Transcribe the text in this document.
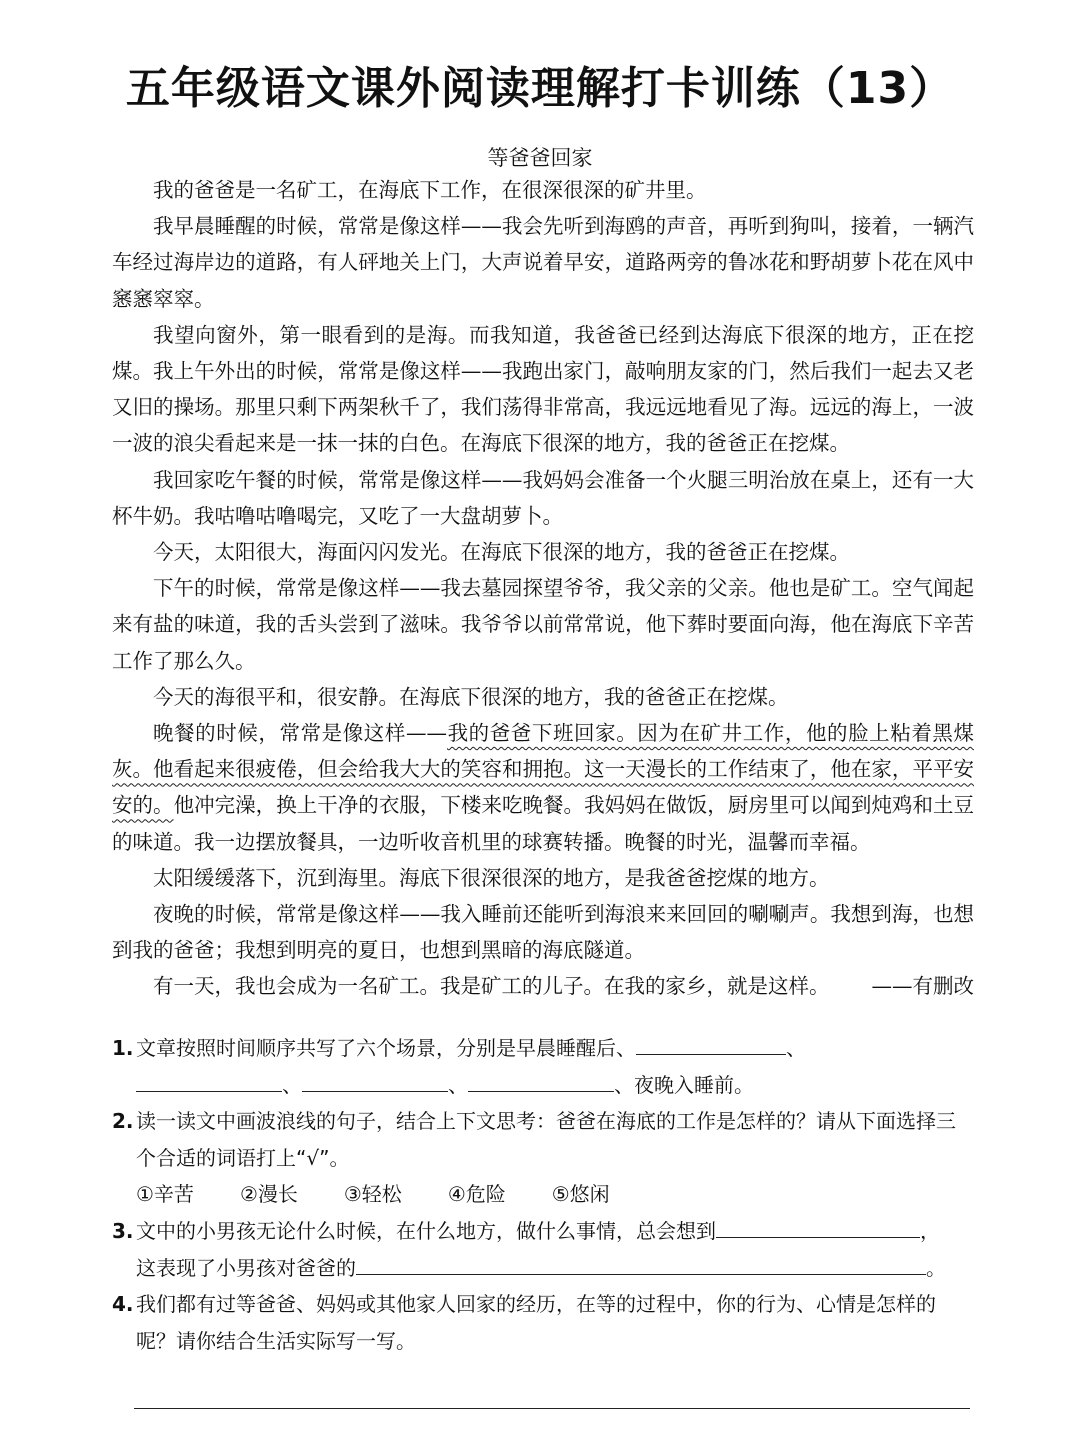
五年级语文课外阅读理解打卡训练（13）
等爸爸回家

我的爸爸是一名矿工，在海底下工作，在很深很深的矿井里。

我早晨睡醒的时候，常常是像这样——我会先听到海鸥的声音，再听到狗叫，接着，一辆汽车经过海岸边的道路，有人砰地关上门，大声说着早安，道路两旁的鲁冰花和野胡萝卜花在风中窸窸窣窣。

我望向窗外，第一眼看到的是海。而我知道，我爸爸已经到达海底下很深的地方，正在挖煤。我上午外出的时候，常常是像这样——我跑出家门，敲响朋友家的门，然后我们一起去又老又旧的操场。那里只剩下两架秋千了，我们荡得非常高，我远远地看见了海。远远的海上，一波一波的浪尖看起来是一抹一抹的白色。在海底下很深的地方，我的爸爸正在挖煤。

我回家吃午餐的时候，常常是像这样——我妈妈会准备一个火腿三明治放在桌上，还有一大杯牛奶。我咕噜咕噜喝完，又吃了一大盘胡萝卜。

今天，太阳很大，海面闪闪发光。在海底下很深的地方，我的爸爸正在挖煤。

下午的时候，常常是像这样——我去墓园探望爷爷，我父亲的父亲。他也是矿工。空气闻起来有盐的味道，我的舌头尝到了滋味。我爷爷以前常常说，他下葬时要面向海，他在海底下辛苦工作了那么久。

今天的海很平和，很安静。在海底下很深的地方，我的爸爸正在挖煤。

晚餐的时候，常常是像这样——我的爸爸下班回家。因为在矿井工作，他的脸上粘着黑煤灰。他看起来很疲倦，但会给我大大的笑容和拥抱。这一天漫长的工作结束了，他在家，平平安安的。他冲完澡，换上干净的衣服，下楼来吃晚餐。我妈妈在做饭，厨房里可以闻到炖鸡和土豆的味道。我一边摆放餐具，一边听收音机里的球赛转播。晚餐的时光，温馨而幸福。

太阳缓缓落下，沉到海里。海底下很深很深的地方，是我爸爸挖煤的地方。

夜晚的时候，常常是像这样——我入睡前还能听到海浪来来回回的唰唰声。我想到海，也想到我的爸爸；我想到明亮的夏日，也想到黑暗的海底隧道。

有一天，我也会成为一名矿工。我是矿工的儿子。在我的家乡，就是这样。	——有删改

1. 文章按照时间顺序共写了六个场景，分别是早晨睡醒后、	、
、	、	、夜晚入睡前。
2. 读一读文中画波浪线的句子，结合上下文思考：爸爸在海底的工作是怎样的？请从下面选择三个合适的词语打上“√”。
①辛苦 ②漫长 ③轻松 ④危险 ⑤悠闲
3. 文中的小男孩无论什么时候，在什么地方，做什么事情，总会想到	，
这表现了小男孩对爸爸的	。
4. 我们都有过等爸爸、妈妈或其他家人回家的经历，在等的过程中，你的行为、心情是怎样的呢？请你结合生活实际写一写。
